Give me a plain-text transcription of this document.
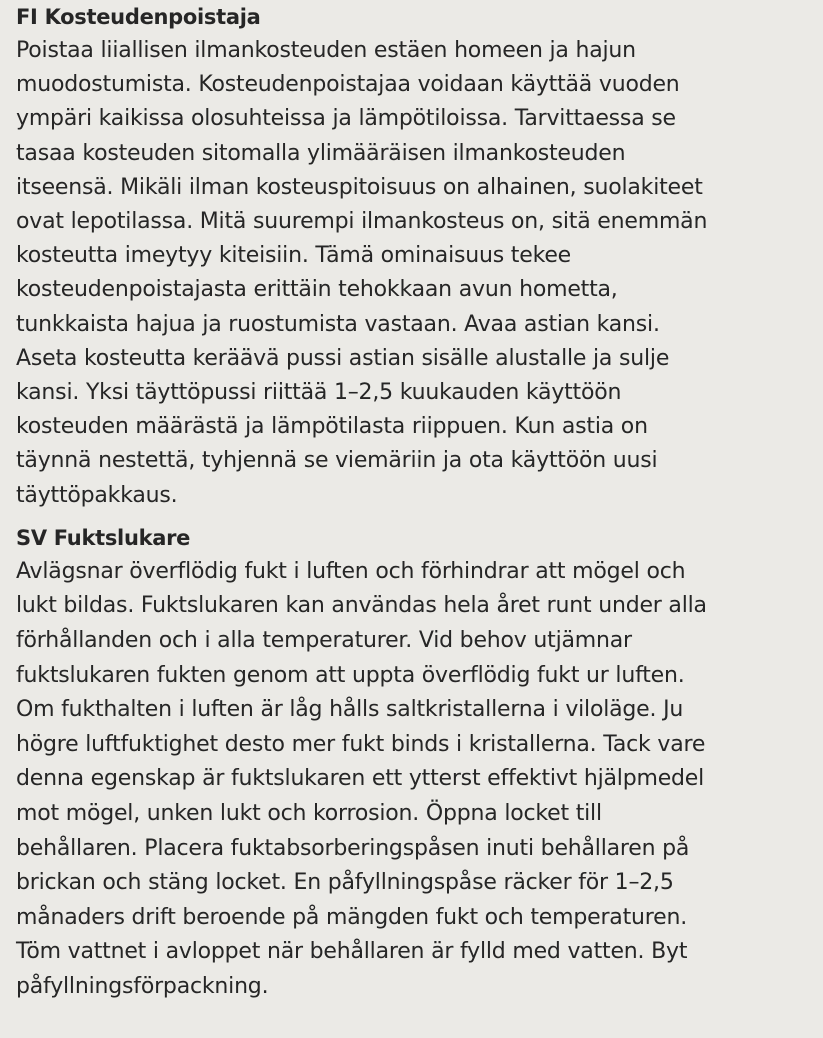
FI Kosteudenpoistaja
Poistaa liiallisen ilmankosteuden estäen homeen ja hajun
muodostumista. Kosteudenpoistajaa voidaan käyttää vuoden
ympäri kaikissa olosuhteissa ja lämpötiloissa. Tarvittaessa se
tasaa kosteuden sitomalla ylimääräisen ilmankosteuden
itseensä. Mikäli ilman kosteuspitoisuus on alhainen, suolakiteet
ovat lepotilassa. Mitä suurempi ilmankosteus on, sitä enemmän
kosteutta imeytyy kiteisiin. Tämä ominaisuus tekee
kosteudenpoistajasta erittäin tehokkaan avun hometta,
tunkkaista hajua ja ruostumista vastaan. Avaa astian kansi.
Aseta kosteutta keräävä pussi astian sisälle alustalle ja sulje
kansi. Yksi täyttöpussi riittää 1–2,5 kuukauden käyttöön
kosteuden määrästä ja lämpötilasta riippuen. Kun astia on
täynnä nestettä, tyhjennä se viemäriin ja ota käyttöön uusi
täyttöpakkaus.
SV Fuktslukare
Avlägsnar överflödig fukt i luften och förhindrar att mögel och
lukt bildas. Fuktslukaren kan användas hela året runt under alla
förhållanden och i alla temperaturer. Vid behov utjämnar
fuktslukaren fukten genom att uppta överflödig fukt ur luften.
Om fukthalten i luften är låg hålls saltkristallerna i viloläge. Ju
högre luftfuktighet desto mer fukt binds i kristallerna. Tack vare
denna egenskap är fuktslukaren ett ytterst effektivt hjälpmedel
mot mögel, unken lukt och korrosion. Öppna locket till
behållaren. Placera fuktabsorberingspåsen inuti behållaren på
brickan och stäng locket. En påfyllningspåse räcker för 1–2,5
månaders drift beroende på mängden fukt och temperaturen.
Töm vattnet i avloppet när behållaren är fylld med vatten. Byt
påfyllningsförpackning.
